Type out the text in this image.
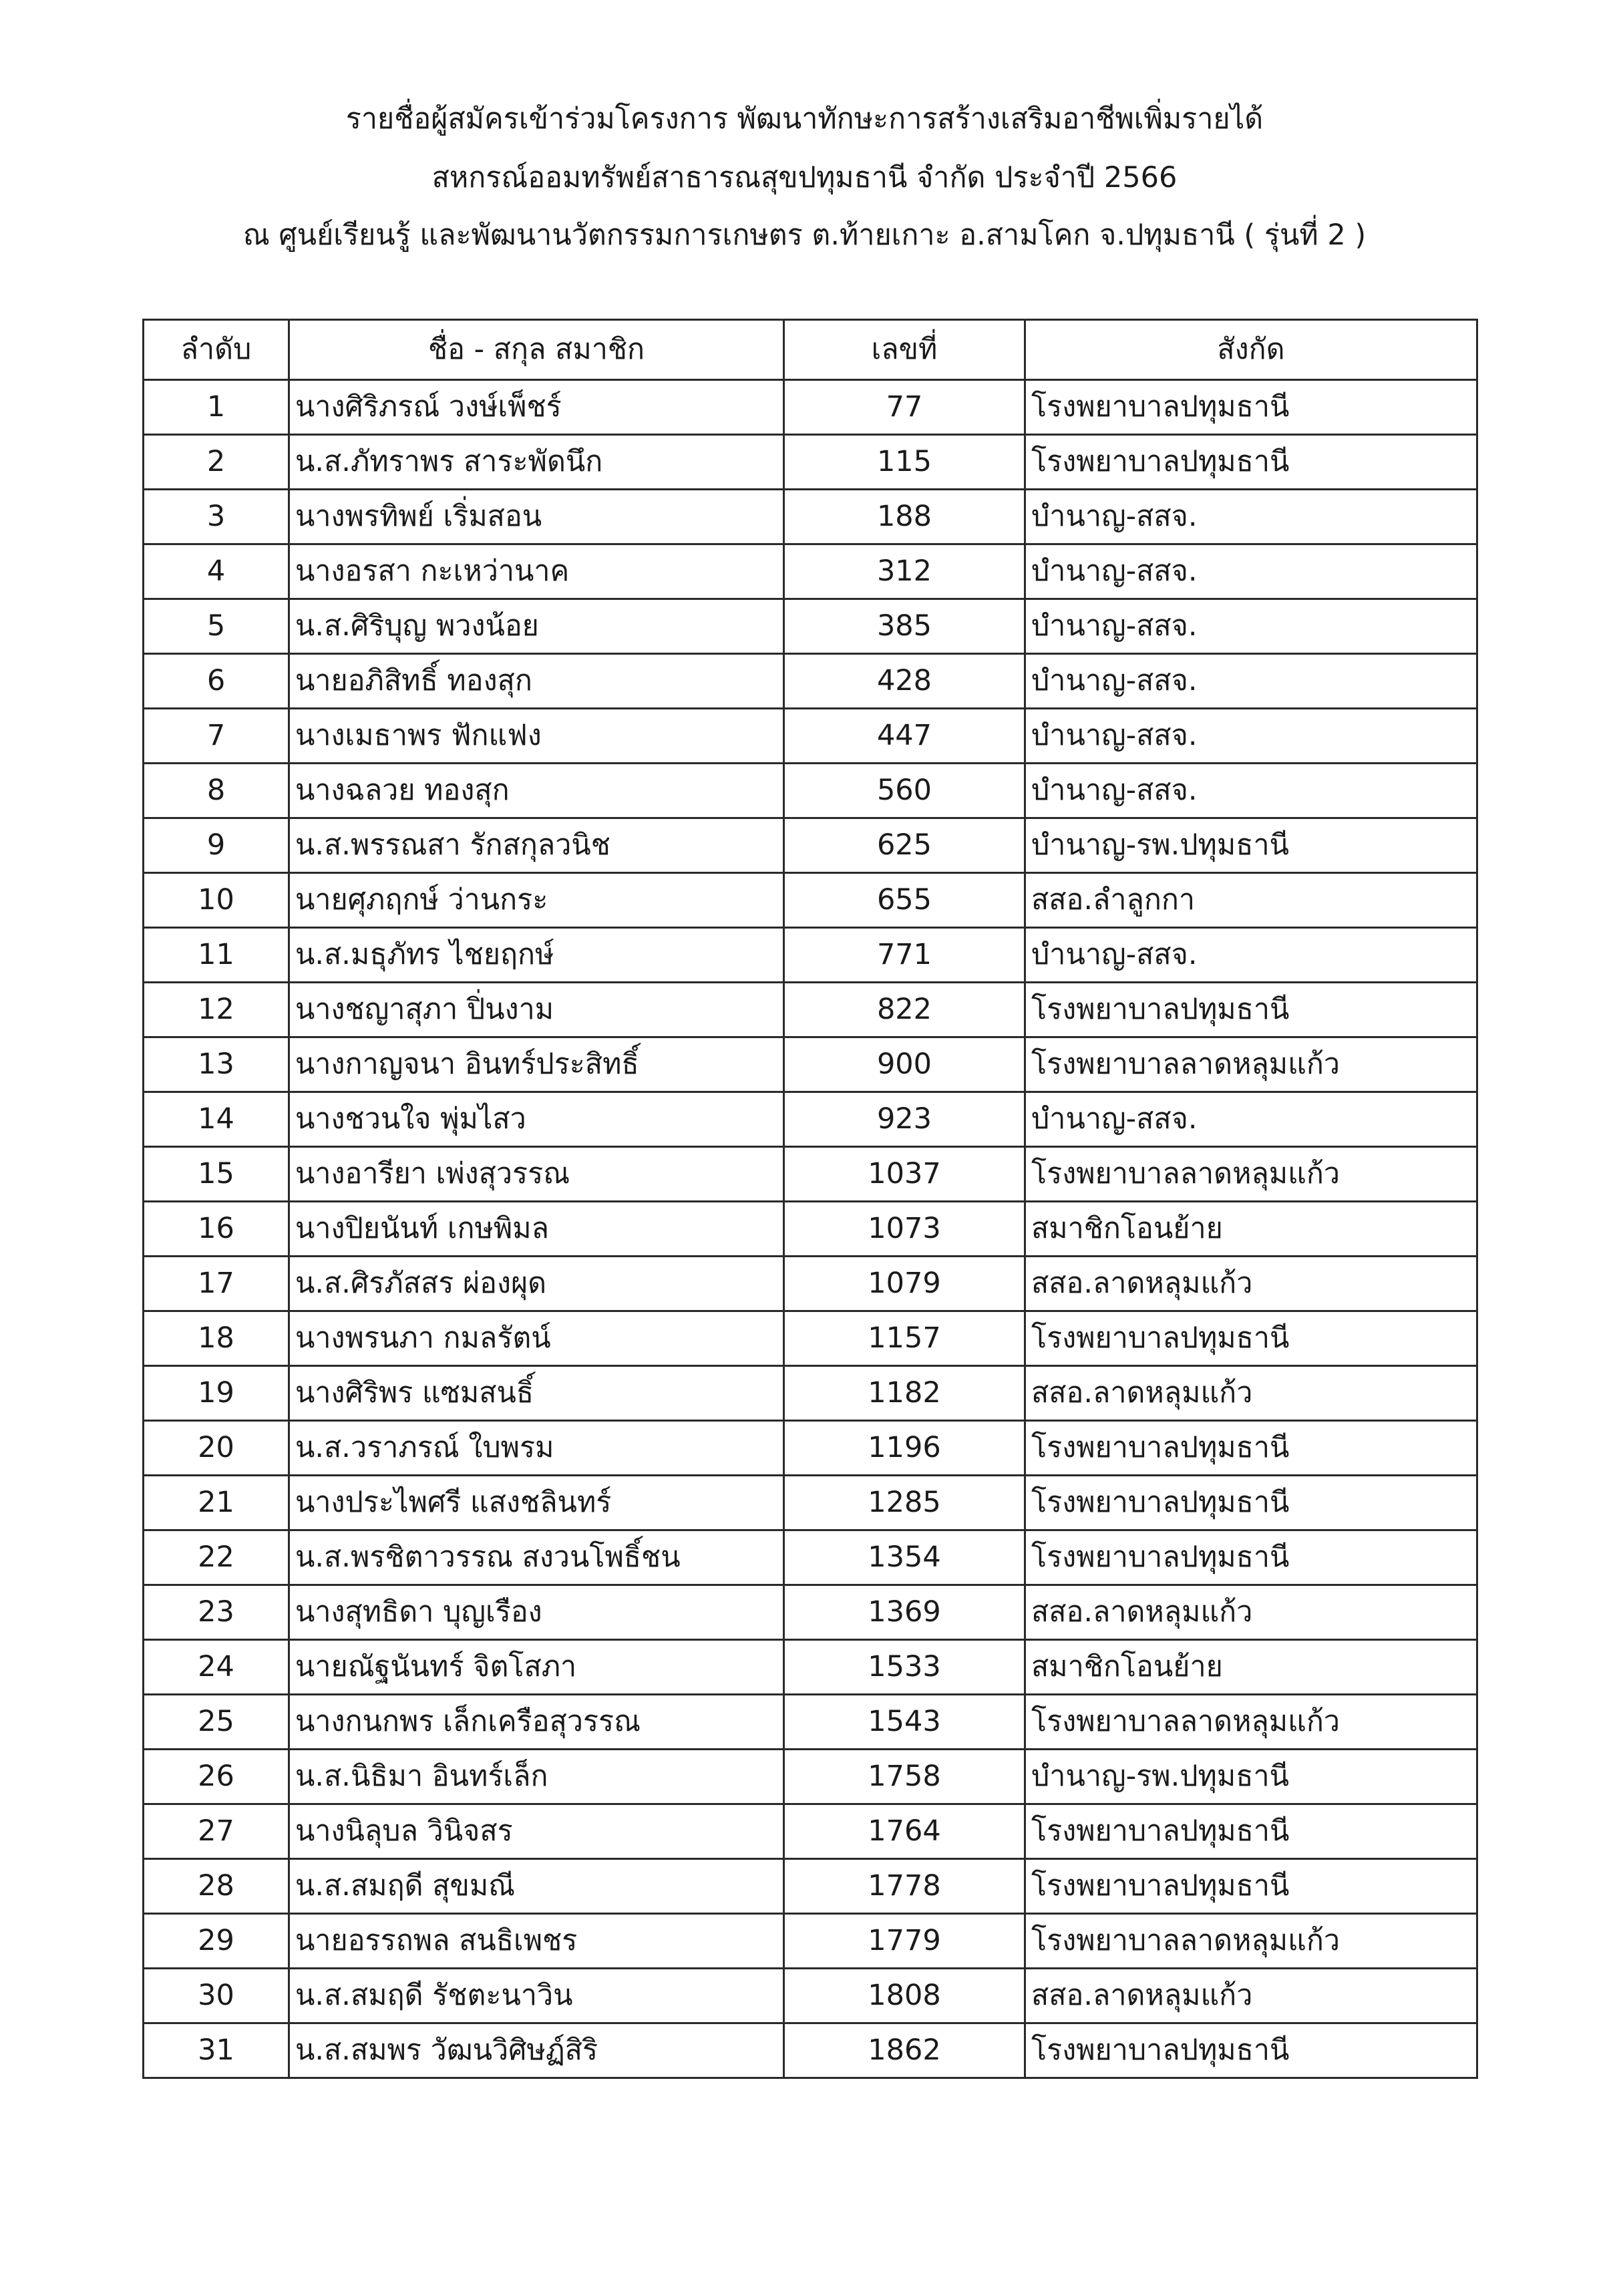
รายชื่อผู้สมัครเข้าร่วมโครงการ พัฒนาทักษะการสร้างเสริมอาชีพเพิ่มรายได้
สหกรณ์ออมทรัพย์สาธารณสุขปทุมธานี จำกัด ประจำปี 2566
ณ ศูนย์เรียนรู้ และพัฒนานวัตกรรมการเกษตร ต.ท้ายเกาะ อ.สามโคก จ.ปทุมธานี ( รุ่นที่ 2 )
ลำดับ	ชื่อ - สกุล สมาชิก	เลขที่	สังกัด
1	นางศิริภรณ์ วงษ์เพ็ชร์	77	โรงพยาบาลปทุมธานี
2	น.ส.ภัทราพร สาระพัดนึก	115	โรงพยาบาลปทุมธานี
3	นางพรทิพย์ เริ่มสอน	188	บำนาญ-สสจ.
4	นางอรสา กะเหว่านาค	312	บำนาญ-สสจ.
5	น.ส.ศิริบุญ พวงน้อย	385	บำนาญ-สสจ.
6	นายอภิสิทธิ์ ทองสุก	428	บำนาญ-สสจ.
7	นางเมธาพร ฟักแฟง	447	บำนาญ-สสจ.
8	นางฉลวย ทองสุก	560	บำนาญ-สสจ.
9	น.ส.พรรณสา รักสกุลวนิช	625	บำนาญ-รพ.ปทุมธานี
10	นายศุภฤกษ์ ว่านกระ	655	สสอ.ลำลูกกา
11	น.ส.มธุภัทร ไชยฤกษ์	771	บำนาญ-สสจ.
12	นางชญาสุภา ปิ่นงาม	822	โรงพยาบาลปทุมธานี
13	นางกาญจนา อินทร์ประสิทธิ์	900	โรงพยาบาลลาดหลุมแก้ว
14	นางชวนใจ พุ่มไสว	923	บำนาญ-สสจ.
15	นางอารียา เพ่งสุวรรณ	1037	โรงพยาบาลลาดหลุมแก้ว
16	นางปิยนันท์ เกษพิมล	1073	สมาชิกโอนย้าย
17	น.ส.ศิรภัสสร ผ่องผุด	1079	สสอ.ลาดหลุมแก้ว
18	นางพรนภา กมลรัตน์	1157	โรงพยาบาลปทุมธานี
19	นางศิริพร แซมสนธิ์	1182	สสอ.ลาดหลุมแก้ว
20	น.ส.วราภรณ์ ใบพรม	1196	โรงพยาบาลปทุมธานี
21	นางประไพศรี แสงชลินทร์	1285	โรงพยาบาลปทุมธานี
22	น.ส.พรชิตาวรรณ สงวนโพธิ์ชน	1354	โรงพยาบาลปทุมธานี
23	นางสุทธิดา บุญเรือง	1369	สสอ.ลาดหลุมแก้ว
24	นายณัฐนันทร์ จิตโสภา	1533	สมาชิกโอนย้าย
25	นางกนกพร เล็กเครือสุวรรณ	1543	โรงพยาบาลลาดหลุมแก้ว
26	น.ส.นิธิมา อินทร์เล็ก	1758	บำนาญ-รพ.ปทุมธานี
27	นางนิลุบล วินิจสร	1764	โรงพยาบาลปทุมธานี
28	น.ส.สมฤดี สุขมณี	1778	โรงพยาบาลปทุมธานี
29	นายอรรถพล สนธิเพชร	1779	โรงพยาบาลลาดหลุมแก้ว
30	น.ส.สมฤดี รัชตะนาวิน	1808	สสอ.ลาดหลุมแก้ว
31	น.ส.สมพร วัฒนวิศิษฏ์สิริ	1862	โรงพยาบาลปทุมธานี
